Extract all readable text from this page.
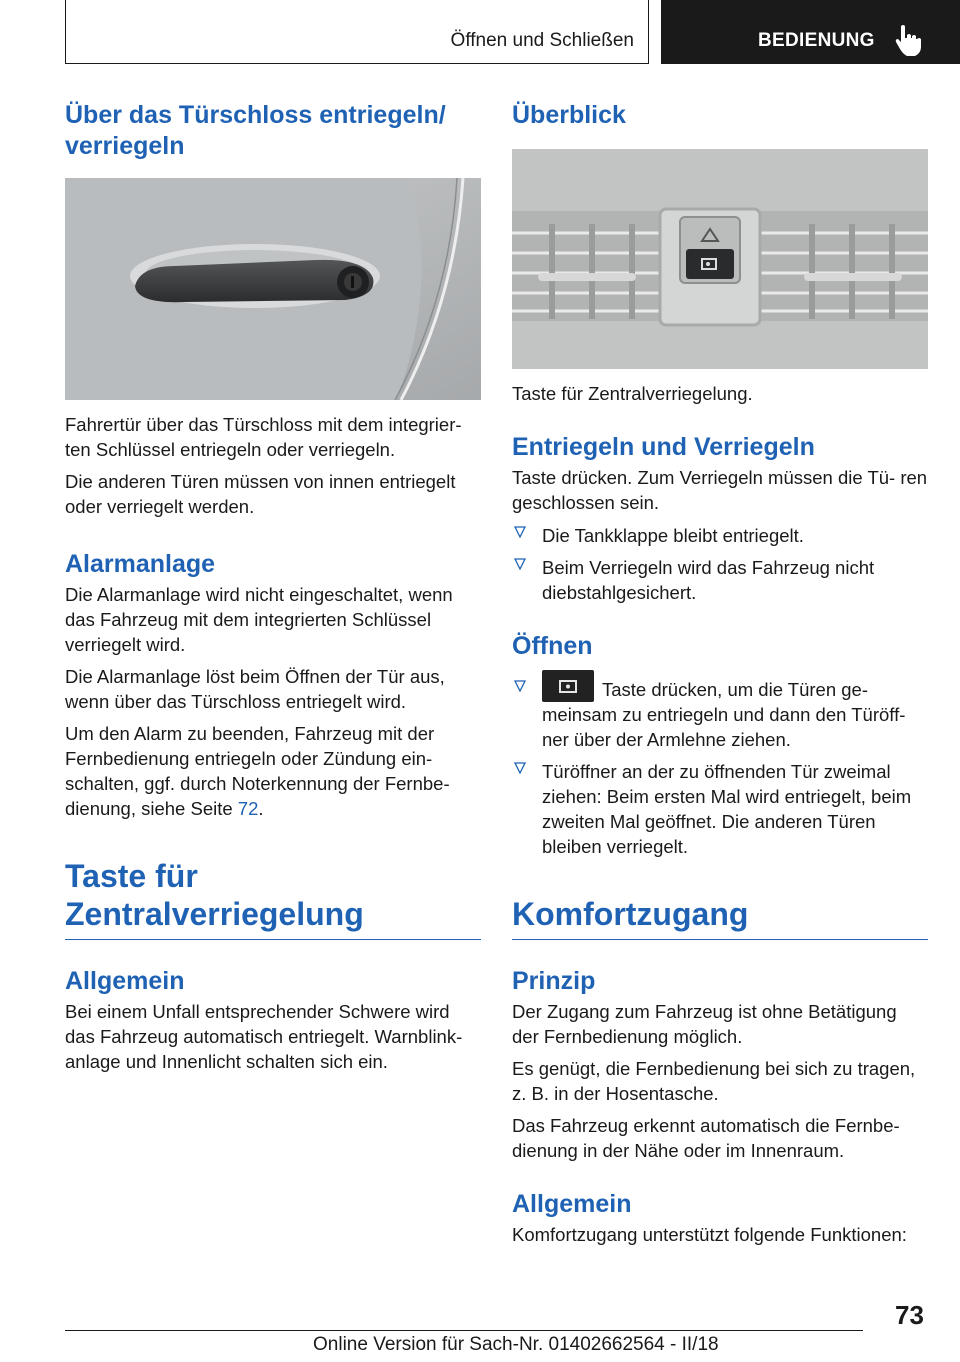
Öffnen und Schließen	BEDIENUNG
Über das Türschloss entriegeln/ verriegeln

Fahrertür über das Türschloss mit dem integrier‐ ten Schlüssel entriegeln oder verriegeln.

Die anderen Türen müssen von innen entriegelt oder verriegelt werden.

Alarmanlage

Die Alarmanlage wird nicht eingeschaltet, wenn das Fahrzeug mit dem integrierten Schlüssel verriegelt wird.

Die Alarmanlage löst beim Öffnen der Tür aus, wenn über das Türschloss entriegelt wird.

Um den Alarm zu beenden, Fahrzeug mit der Fernbedienung entriegeln oder Zündung ein‐ schalten, ggf. durch Noterkennung der Fernbe‐ dienung, siehe Seite 72.

Taste für Zentralverriegelung
Allgemein

Bei einem Unfall entsprechender Schwere wird das Fahrzeug automatisch entriegelt. Warnblink‐ anlage und Innenlicht schalten sich ein.

Überblick

Taste für Zentralverriegelung.

Entriegeln und Verriegeln

Taste drücken. Zum Verriegeln müssen die Tü‐ ren geschlossen sein.

Die Tankklappe bleibt entriegelt.
Beim Verriegeln wird das Fahrzeug nicht diebstahlgesichert.
Öffnen
Taste drücken, um die Türen ge‐ meinsam zu entriegeln und dann den Türöff‐ ner über der Armlehne ziehen.
Türöffner an der zu öffnenden Tür zweimal ziehen: Beim ersten Mal wird entriegelt, beim zweiten Mal geöffnet. Die anderen Türen bleiben verriegelt.
Komfortzugang
Prinzip

Der Zugang zum Fahrzeug ist ohne Betätigung der Fernbedienung möglich.

Es genügt, die Fernbedienung bei sich zu tragen, z. B. in der Hosentasche.

Das Fahrzeug erkennt automatisch die Fernbe‐ dienung in der Nähe oder im Innenraum.

Allgemein

Komfortzugang unterstützt folgende Funktionen:

73
Online Version für Sach-Nr. 01402662564 - II/18
